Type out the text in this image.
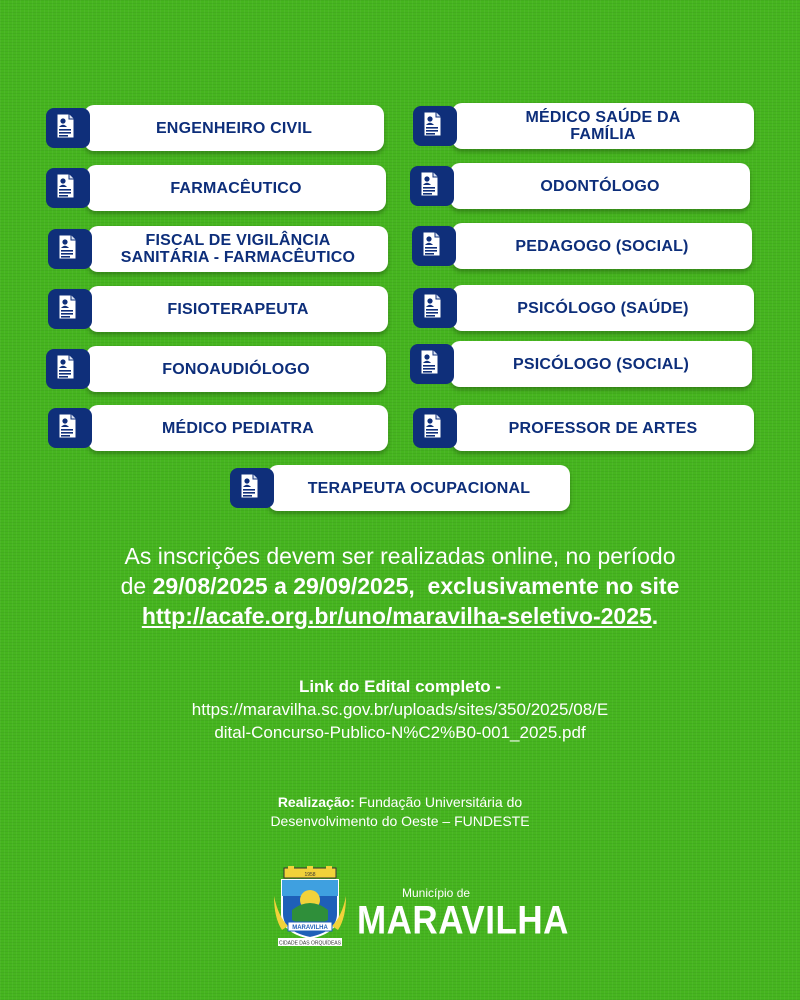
ENGENHEIRO CIVIL
FARMACÊUTICO
FISCAL DE VIGILÂNCIA SANITÁRIA - FARMACÊUTICO
FISIOTERAPEUTA
FONOAUDIÓLOGO
MÉDICO PEDIATRA
MÉDICO SAÚDE DA FAMÍLIA
ODONTÓLOGO
PEDAGOGO (SOCIAL)
PSICÓLOGO (SAÚDE)
PSICÓLOGO (SOCIAL)
PROFESSOR DE ARTES
TERAPEUTA OCUPACIONAL
As inscrições devem ser realizadas online, no período
de 29/08/2025 a 29/09/2025,  exclusivamente no site
http://acafe.org.br/uno/maravilha-seletivo-2025.
Link do Edital completo -
https://maravilha.sc.gov.br/uploads/sites/350/2025/08/E
dital-Concurso-Publico-N%C2%B0-001_2025.pdf
Realização: Fundação Universitária do
Desenvolvimento do Oeste – FUNDESTE
MARAVILHA
CIDADE DAS ORQUÍDEAS
1958
Município de
MARAVILHA
